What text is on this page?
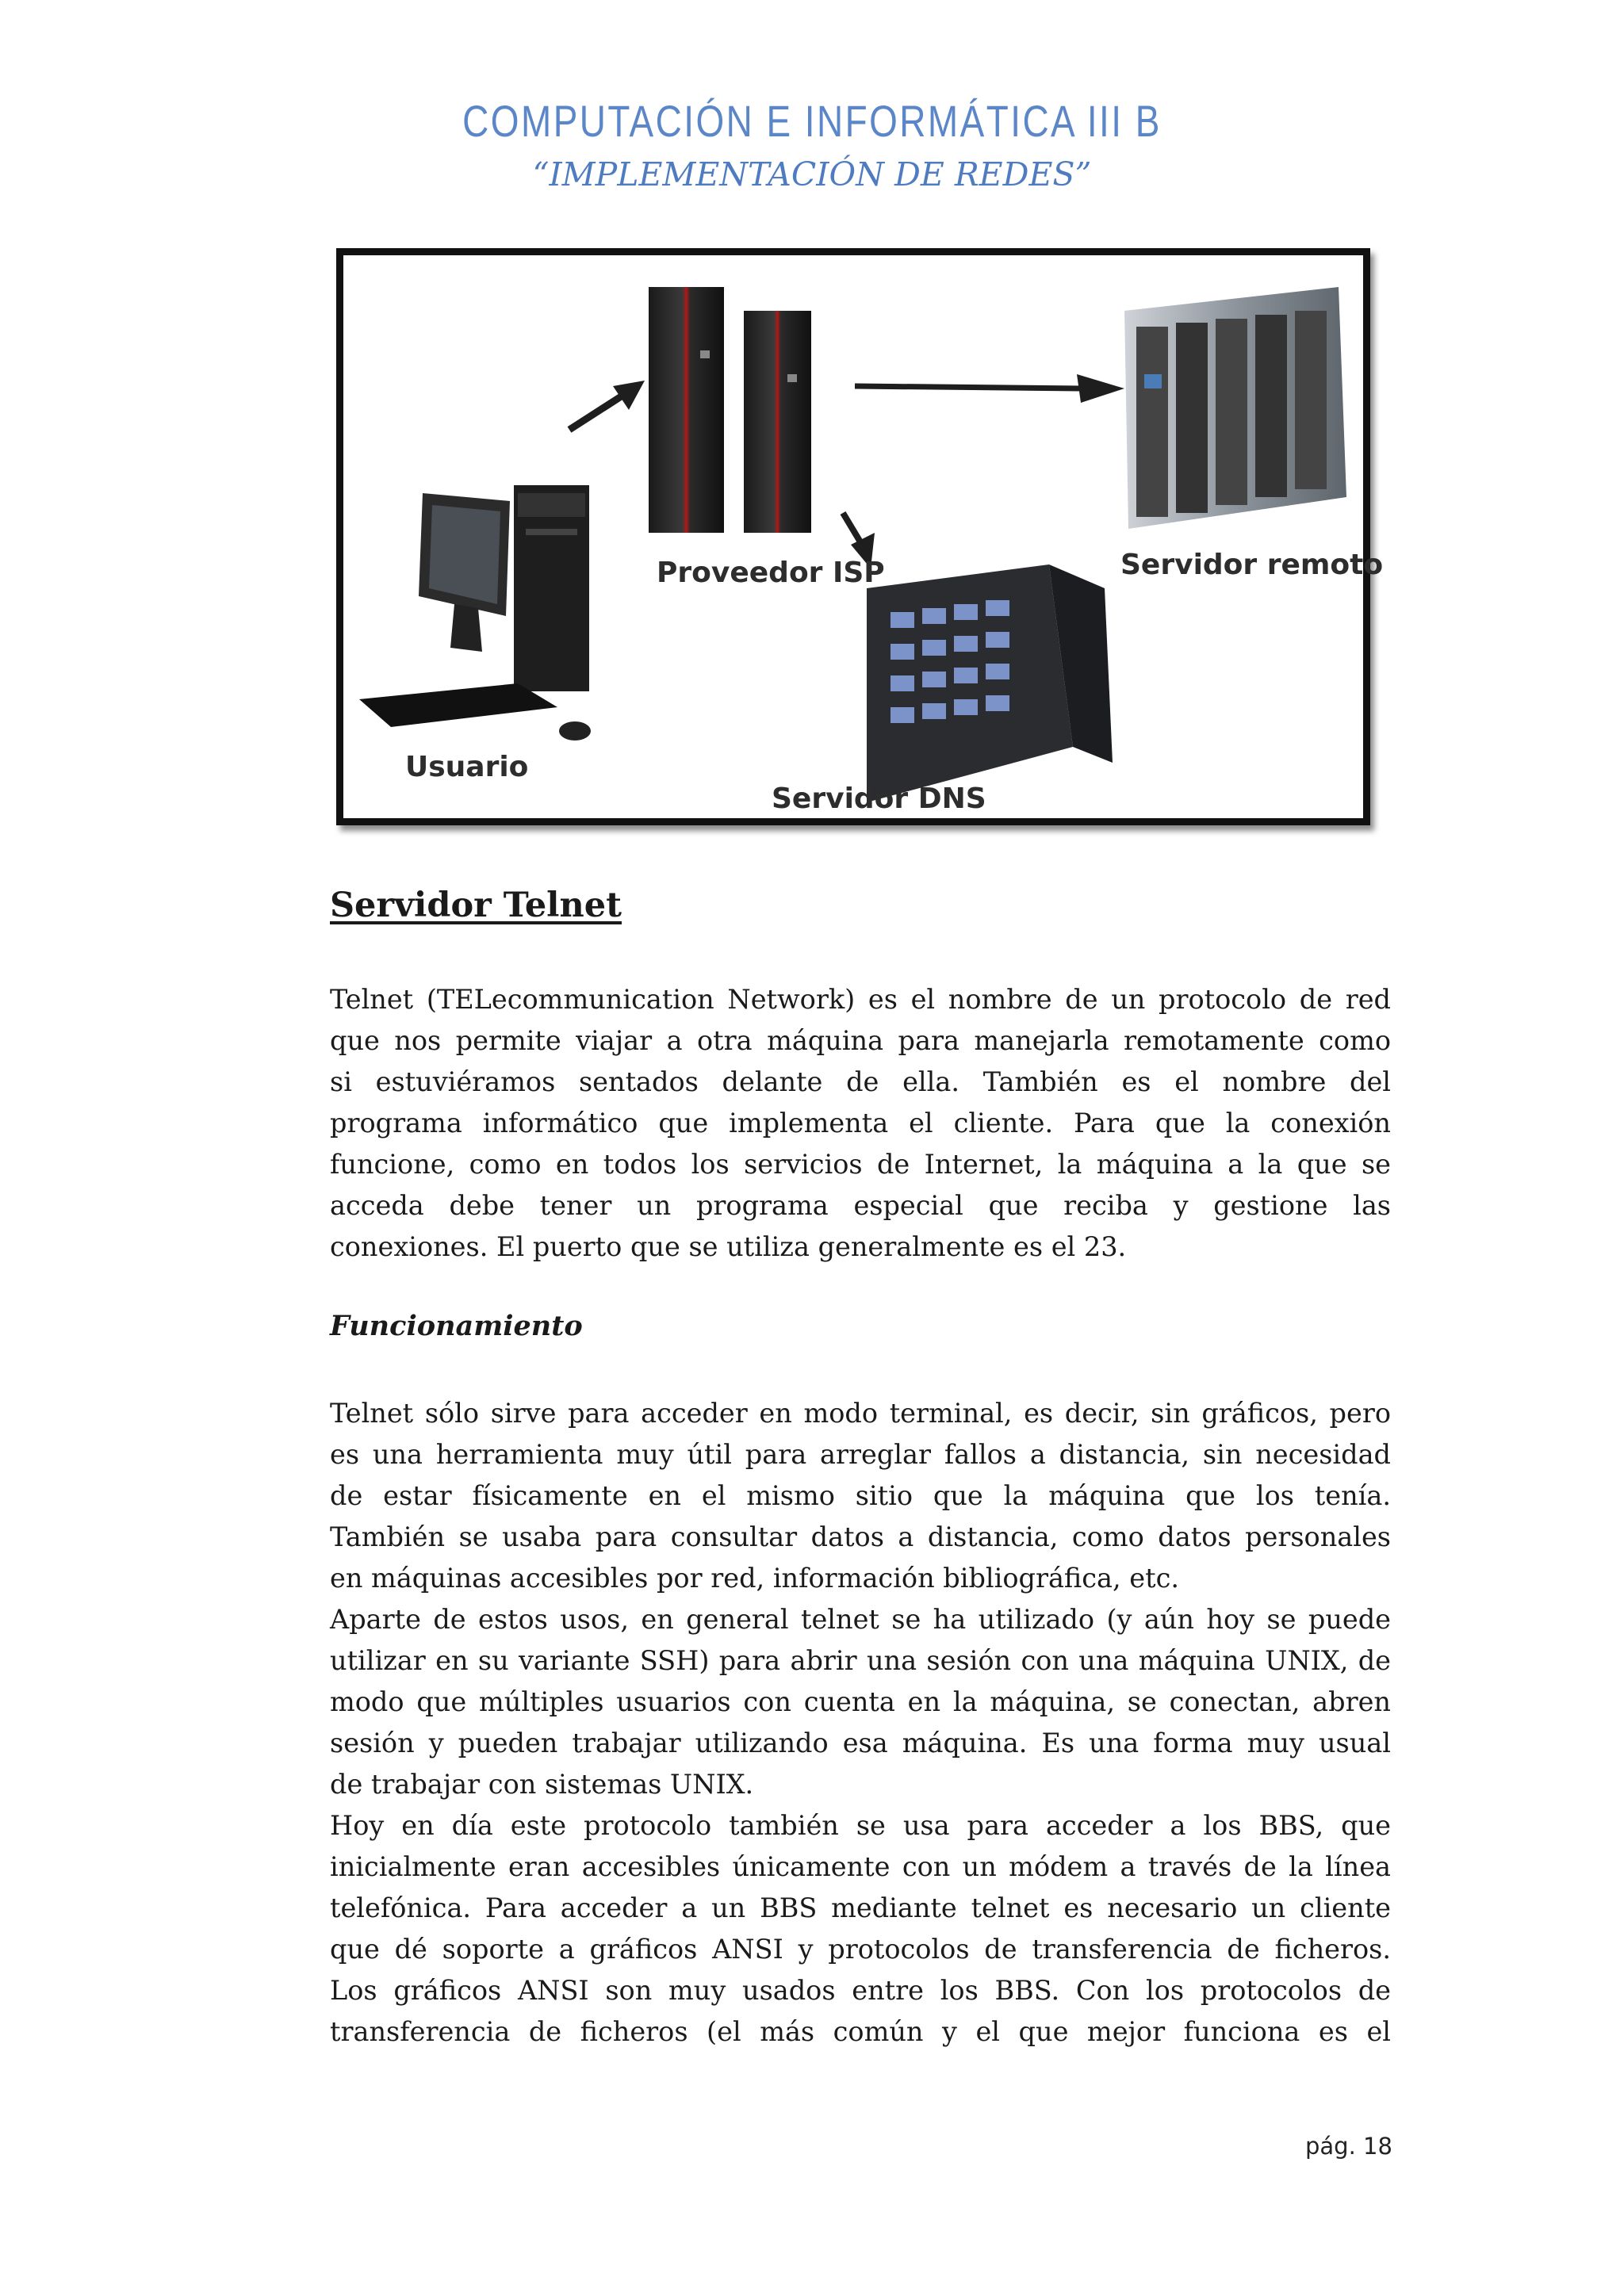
COMPUTACIÓN E INFORMÁTICA III B
“IMPLEMENTACIÓN DE REDES”
Usuario
Proveedor ISP
Servidor DNS
Servidor remoto
Servidor Telnet
Telnet (TELecommunication Network) es el nombre de un protocolo de red
que nos permite viajar a otra máquina para manejarla remotamente como
si estuviéramos sentados delante de ella. También es el nombre del
programa informático que implementa el cliente. Para que la conexión
funcione, como en todos los servicios de Internet, la máquina a la que se
acceda debe tener un programa especial que reciba y gestione las
conexiones. El puerto que se utiliza generalmente es el 23.
Funcionamiento
Telnet sólo sirve para acceder en modo terminal, es decir, sin gráficos, pero
es una herramienta muy útil para arreglar fallos a distancia, sin necesidad
de estar físicamente en el mismo sitio que la máquina que los tenía.
También se usaba para consultar datos a distancia, como datos personales
en máquinas accesibles por red, información bibliográfica, etc.
Aparte de estos usos, en general telnet se ha utilizado (y aún hoy se puede
utilizar en su variante SSH) para abrir una sesión con una máquina UNIX, de
modo que múltiples usuarios con cuenta en la máquina, se conectan, abren
sesión y pueden trabajar utilizando esa máquina. Es una forma muy usual
de trabajar con sistemas UNIX.
Hoy en día este protocolo también se usa para acceder a los BBS, que
inicialmente eran accesibles únicamente con un módem a través de la línea
telefónica. Para acceder a un BBS mediante telnet es necesario un cliente
que dé soporte a gráficos ANSI y protocolos de transferencia de ficheros.
Los gráficos ANSI son muy usados entre los BBS. Con los protocolos de
transferencia de ficheros (el más común y el que mejor funciona es el
pág. 18
